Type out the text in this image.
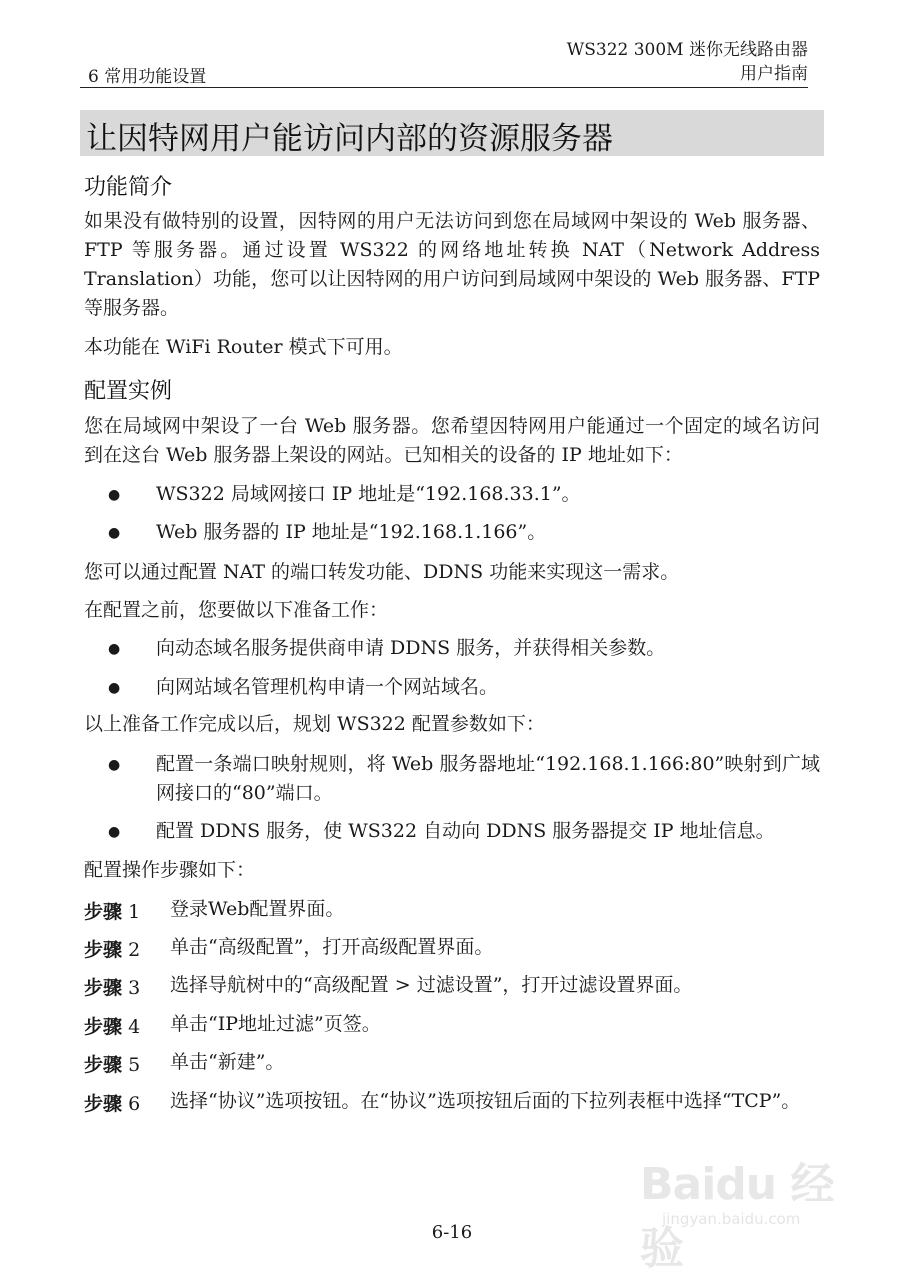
6 常用功能设置
WS322 300M 迷你无线路由器
用户指南
让因特网用户能访问内部的资源服务器
功能简介
如果没有做特别的设置，因特网的用户无法访问到您在局域网中架设的 Web 服务器、FTP 等服务器。通过设置 WS322 的网络地址转换 NAT（Network Address Translation）功能，您可以让因特网的用户访问到局域网中架设的 Web 服务器、FTP 等服务器。
本功能在 WiFi Router 模式下可用。
配置实例
您在局域网中架设了一台 Web 服务器。您希望因特网用户能通过一个固定的域名访问到在这台 Web 服务器上架设的网站。已知相关的设备的 IP 地址如下：
● WS322 局域网接口 IP 地址是“192.168.33.1”。
● Web 服务器的 IP 地址是“192.168.1.166”。
您可以通过配置 NAT 的端口转发功能、DDNS 功能来实现这一需求。
在配置之前，您要做以下准备工作：
● 向动态域名服务提供商申请 DDNS 服务，并获得相关参数。
● 向网站域名管理机构申请一个网站域名。
以上准备工作完成以后，规划 WS322 配置参数如下：
● 配置一条端口映射规则，将 Web 服务器地址“192.168.1.166:80”映射到广域网接口的“80”端口。
● 配置 DDNS 服务，使 WS322 自动向 DDNS 服务器提交 IP 地址信息。
配置操作步骤如下：
步骤 1 登录Web配置界面。
步骤 2 单击“高级配置”，打开高级配置界面。
步骤 3 选择导航树中的“高级配置 > 过滤设置”，打开过滤设置界面。
步骤 4 单击“IP地址过滤”页签。
步骤 5 单击“新建”。
步骤 6 选择“协议”选项按钮。在“协议”选项按钮后面的下拉列表框中选择“TCP”。
Baidu 经验
jingyan.baidu.com
6-16
